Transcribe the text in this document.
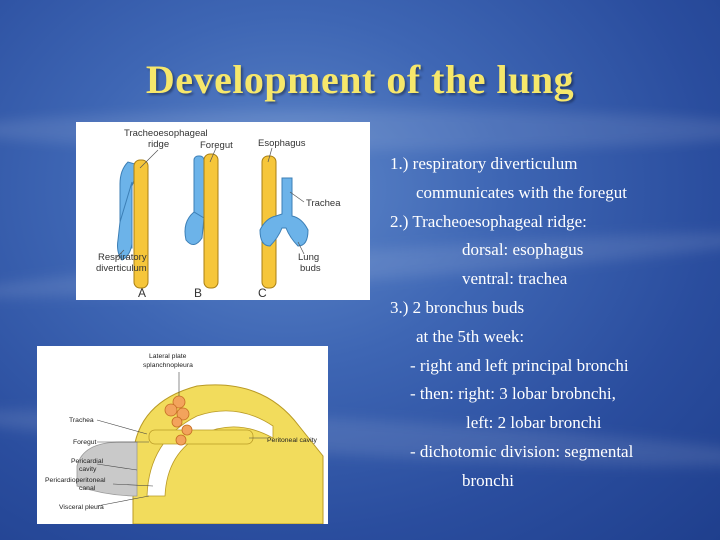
Development of the lung
Tracheoesophageal
ridge	Foregut	Esophagus
Trachea
Respiratory
diverticulum
Lung
buds
A	B	C
Lateral plate
splanchnopleura
Trachea
Foregut
Pericardial
cavity
Pericardioperitoneal
canal
Visceral pleura
Peritoneal cavity
1.) respiratory diverticulum
communicates with the foregut
2.) Tracheoesophageal ridge:
dorsal: esophagus
ventral: trachea
3.) 2 bronchus buds
at the 5th week:
- right and left principal bronchi
- then: right: 3 lobar brobnchi,
left: 2 lobar bronchi
- dichotomic division: segmental
bronchi
